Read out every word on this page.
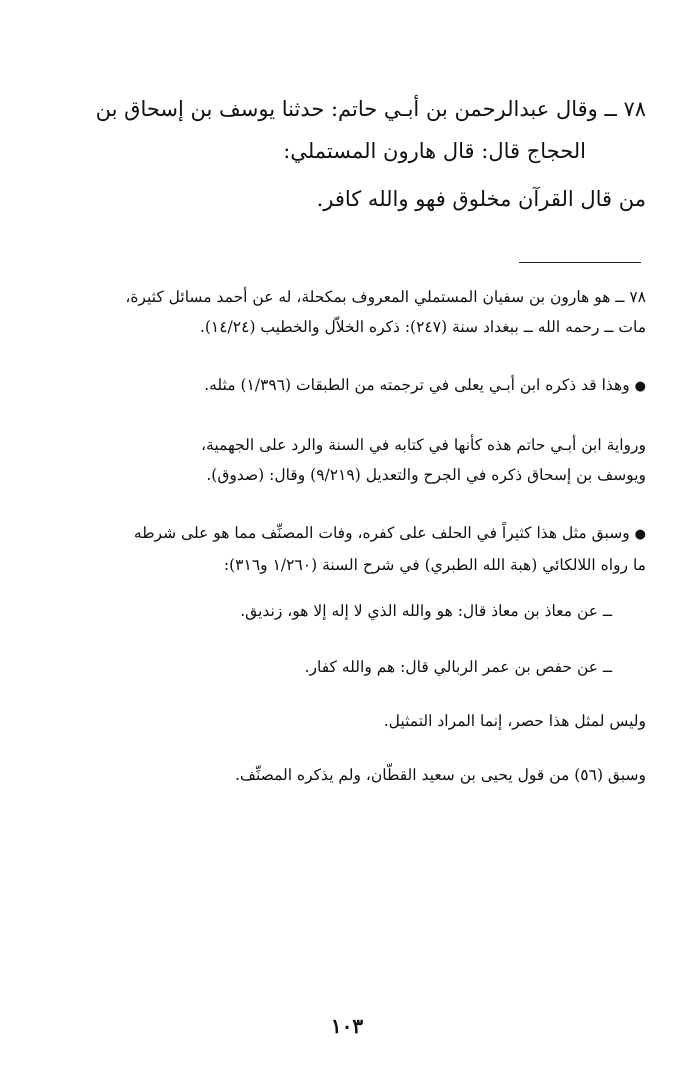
٧٨ ــ وقال عبدالرحمن بن أبـي حاتم: حدثنا يوسف بن إسحاق بن
الحجاج قال: قال هارون المستملي:
من قال القرآن مخلوق فهو والله كافر.
٧٨ ــ هو هارون بن سفيان المستملي المعروف بمكحلة، له عن أحمد مسائل كثيرة،
مات ــ رحمه الله ــ ببغداد سنة (٢٤٧): ذكره الخلاّل والخطيب (١٤/٢٤).
● وهذا قد ذكره ابن أبـي يعلى في ترجمته من الطبقات (١/٣٩٦) مثله.
ورواية ابن أبـي حاتم هذه كأنها في كتابه في السنة والرد على الجهمية،
ويوسف بن إسحاق ذكره في الجرح والتعديل (٩/٢١٩) وقال: (صدوق).
● وسبق مثل هذا كثيراً في الحلف على كفره، وفات المصنِّف مما هو على شرطه
ما رواه اللالكائي (هبة الله الطبري) في شرح السنة (١/٢٦٠ و٣١٦):
ــ عن معاذ بن معاذ قال: هو والله الذي لا إله إلا هو، زنديق.
ــ عن حفص بن عمر الربالي قال: هم والله كفار.
وليس لمثل هذا حصر، إنما المراد التمثيل.
وسبق (٥٦) من قول يحيى بن سعيد القطّان، ولم يذكره المصنِّف.
١٠٣
